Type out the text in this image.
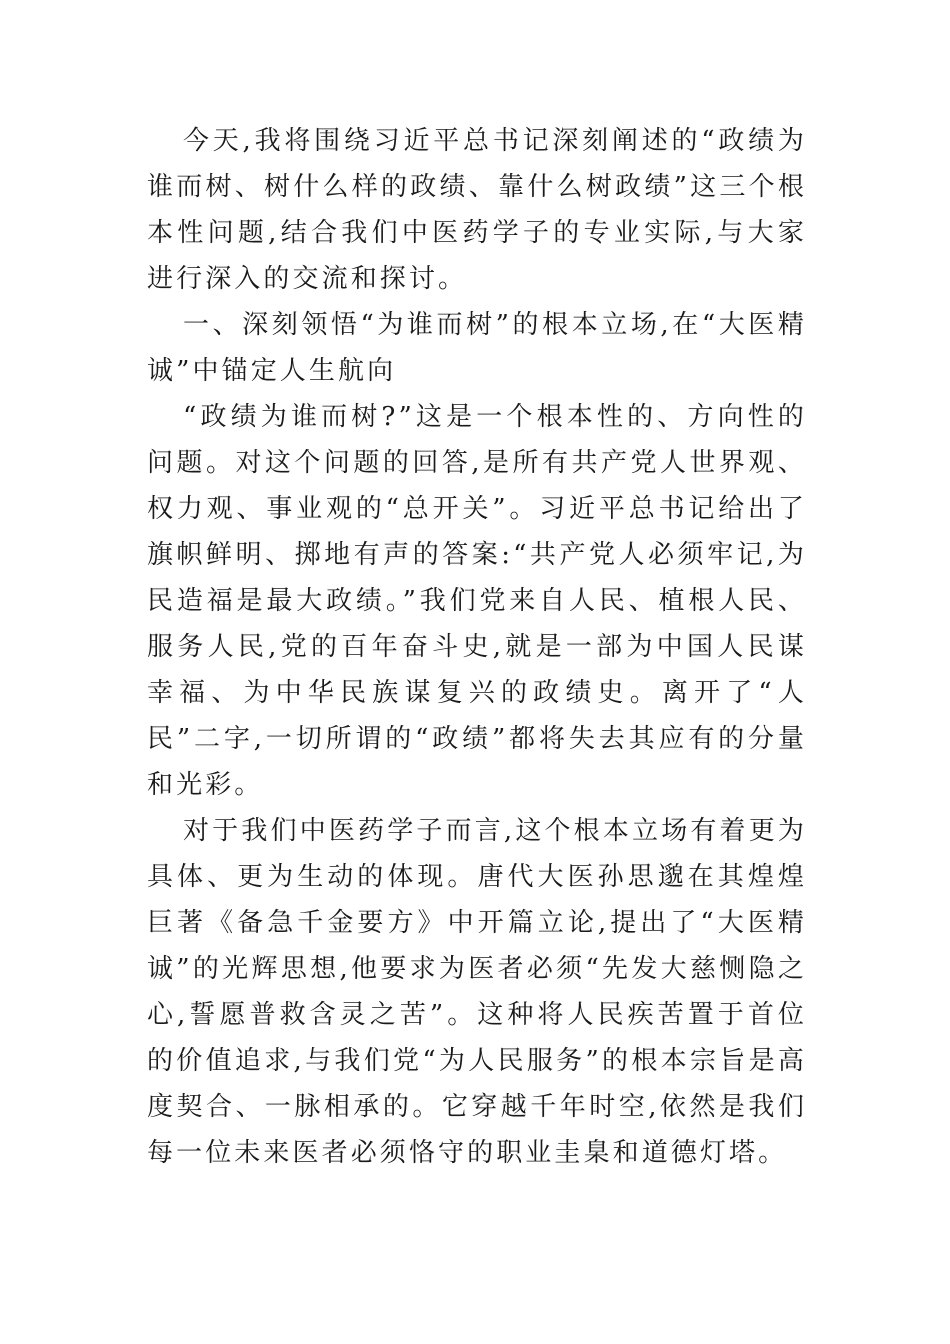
今天,我将围绕习近平总书记深刻阐述的“政绩为谁而树、树什么样的政绩、靠什么树政绩”这三个根本性问题,结合我们中医药学子的专业实际,与大家进行深入的交流和探讨。

一、深刻领悟“为谁而树”的根本立场,在“大医精诚”中锚定人生航向

“政绩为谁而树?”这是一个根本性的、方向性的问题。对这个问题的回答,是所有共产党人世界观、权力观、事业观的“总开关”。习近平总书记给出了旗帜鲜明、掷地有声的答案:“共产党人必须牢记,为民造福是最大政绩。”我们党来自人民、植根人民、服务人民,党的百年奋斗史,就是一部为中国人民谋幸福、为中华民族谋复兴的政绩史。离开了“人民”二字,一切所谓的“政绩”都将失去其应有的分量和光彩。

对于我们中医药学子而言,这个根本立场有着更为具体、更为生动的体现。唐代大医孙思邈在其煌煌巨著《备急千金要方》中开篇立论,提出了“大医精诚”的光辉思想,他要求为医者必须“先发大慈恻隐之心,誓愿普救含灵之苦”。这种将人民疾苦置于首位的价值追求,与我们党“为人民服务”的根本宗旨是高度契合、一脉相承的。它穿越千年时空,依然是我们每一位未来医者必须恪守的职业圭臬和道德灯塔。
